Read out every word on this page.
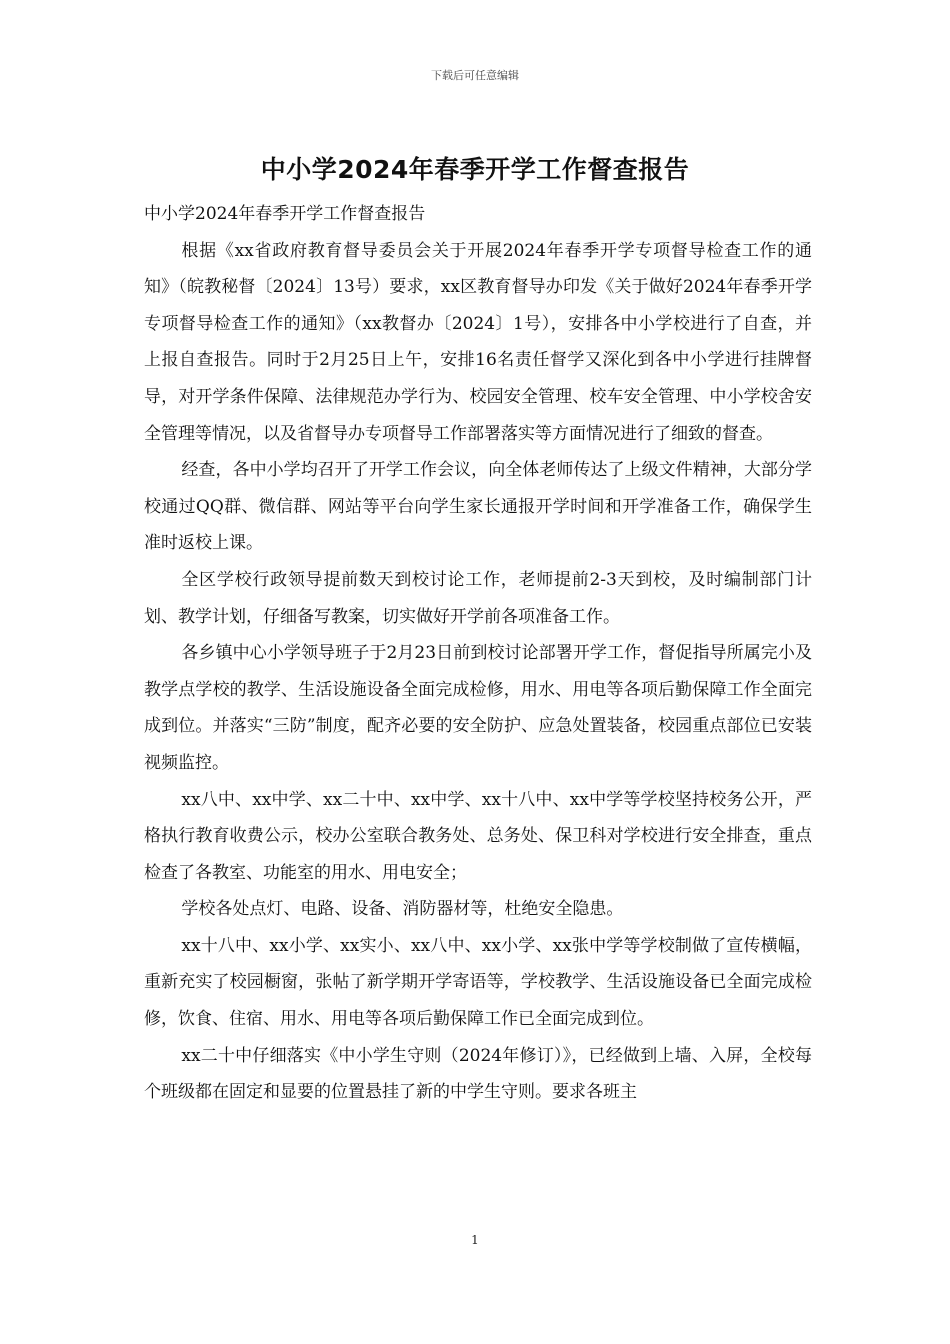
下载后可任意编辑
中小学2024年春季开学工作督查报告

中小学2024年春季开学工作督查报告

根据《xx省政府教育督导委员会关于开展2024年春季开学专项督导检查工作的通知》（皖教秘督〔2024〕13号）要求，xx区教育督导办印发《关于做好2024年春季开学专项督导检查工作的通知》（xx教督办〔2024〕1号），安排各中小学校进行了自查，并上报自查报告。同时于2月25日上午，安排16名责任督学又深化到各中小学进行挂牌督导，对开学条件保障、法律规范办学行为、校园安全管理、校车安全管理、中小学校舍安全管理等情况，以及省督导办专项督导工作部署落实等方面情况进行了细致的督查。

经查，各中小学均召开了开学工作会议，向全体老师传达了上级文件精神，大部分学校通过QQ群、微信群、网站等平台向学生家长通报开学时间和开学准备工作，确保学生准时返校上课。

全区学校行政领导提前数天到校讨论工作，老师提前2-3天到校，及时编制部门计划、教学计划，仔细备写教案，切实做好开学前各项准备工作。

各乡镇中心小学领导班子于2月23日前到校讨论部署开学工作，督促指导所属完小及教学点学校的教学、生活设施设备全面完成检修，用水、用电等各项后勤保障工作全面完成到位。并落实“三防”制度，配齐必要的安全防护、应急处置装备，校园重点部位已安装视频监控。

xx八中、xx中学、xx二十中、xx中学、xx十八中、xx中学等学校坚持校务公开，严格执行教育收费公示，校办公室联合教务处、总务处、保卫科对学校进行安全排查，重点检查了各教室、功能室的用水、用电安全；

学校各处点灯、电路、设备、消防器材等，杜绝安全隐患。

xx十八中、xx小学、xx实小、xx八中、xx小学、xx张中学等学校制做了宣传横幅，重新充实了校园橱窗，张帖了新学期开学寄语等，学校教学、生活设施设备已全面完成检修，饮食、住宿、用水、用电等各项后勤保障工作已全面完成到位。

xx二十中仔细落实《中小学生守则（2024年修订）》，已经做到上墙、入屏，全校每个班级都在固定和显要的位置悬挂了新的中学生守则。要求各班主

1
